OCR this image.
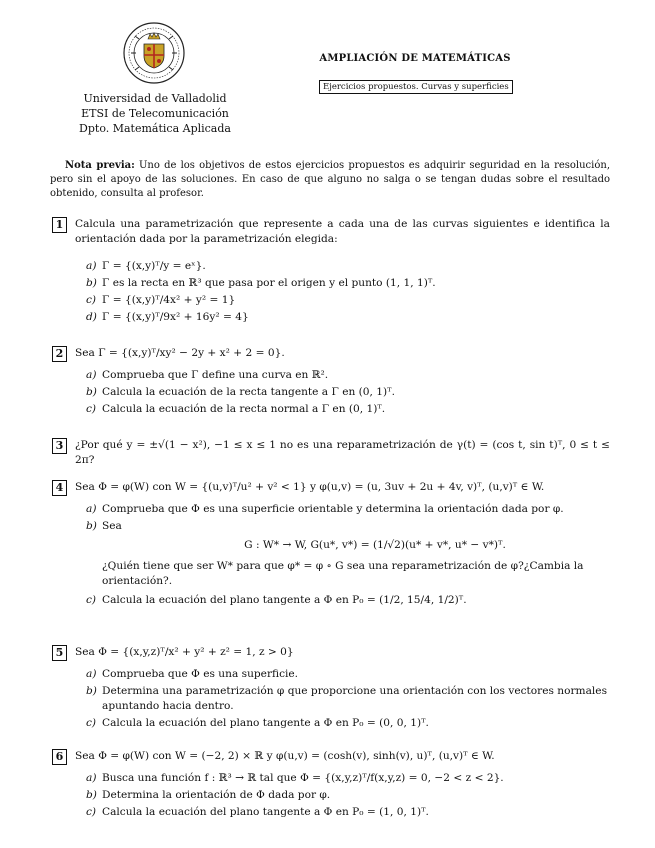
Universidad de Valladolid
ETSI de Telecomunicación
Dpto. Matemática Aplicada
AMPLIACIÓN DE MATEMÁTICAS
Ejercicios propuestos. Curvas y superficies
Nota previa: Uno de los objetivos de estos ejercicios propuestos es adquirir seguridad en la resolución, pero sin el apoyo de las soluciones. En caso de que alguno no salga o se tengan dudas sobre el resultado obtenido, consulta al profesor.
1	Calcula una parametrización que represente a cada una de las curvas siguientes e identifica la orientación dada por la parametrización elegida:
a) Γ = {(x,y)ᵀ/y = eˣ}.
b) Γ es la recta en ℝ³ que pasa por el origen y el punto (1, 1, 1)ᵀ.
c) Γ = {(x,y)ᵀ/4x² + y² = 1}
d) Γ = {(x,y)ᵀ/9x² + 16y² = 4}
2	Sea Γ = {(x,y)ᵀ/xy² − 2y + x² + 2 = 0}.
a) Comprueba que Γ define una curva en ℝ².
b) Calcula la ecuación de la recta tangente a Γ en (0, 1)ᵀ.
c) Calcula la ecuación de la recta normal a Γ en (0, 1)ᵀ.
3	¿Por qué y = ±√(1 − x²), −1 ≤ x ≤ 1 no es una reparametrización de γ(t) = (cos t, sin t)ᵀ, 0 ≤ t ≤ 2π?
4	Sea Φ = φ(W) con W = {(u,v)ᵀ/u² + v² < 1} y φ(u,v) = (u, 3uv + 2u + 4v, v)ᵀ, (u,v)ᵀ ∈ W.
a) Comprueba que Φ es una superficie orientable y determina la orientación dada por φ.
b) Sea
G : W* → W, G(u*, v*) = (1/√2)(u* + v*, u* − v*)ᵀ.
¿Quién tiene que ser W* para que φ* = φ ∘ G sea una reparametrización de φ?¿Cambia la orientación?.
c) Calcula la ecuación del plano tangente a Φ en P₀ = (1/2, 15/4, 1/2)ᵀ.
5	Sea Φ = {(x,y,z)ᵀ/x² + y² + z² = 1, z > 0}
a) Comprueba que Φ es una superficie.
b) Determina una parametrización φ que proporcione una orientación con los vectores normales apuntando hacia dentro.
c) Calcula la ecuación del plano tangente a Φ en P₀ = (0, 0, 1)ᵀ.
6	Sea Φ = φ(W) con W = (−2, 2) × ℝ y φ(u,v) = (cosh(v), sinh(v), u)ᵀ, (u,v)ᵀ ∈ W.
a) Busca una función f : ℝ³ → ℝ tal que Φ = {(x,y,z)ᵀ/f(x,y,z) = 0, −2 < z < 2}.
b) Determina la orientación de Φ dada por φ.
c) Calcula la ecuación del plano tangente a Φ en P₀ = (1, 0, 1)ᵀ.
